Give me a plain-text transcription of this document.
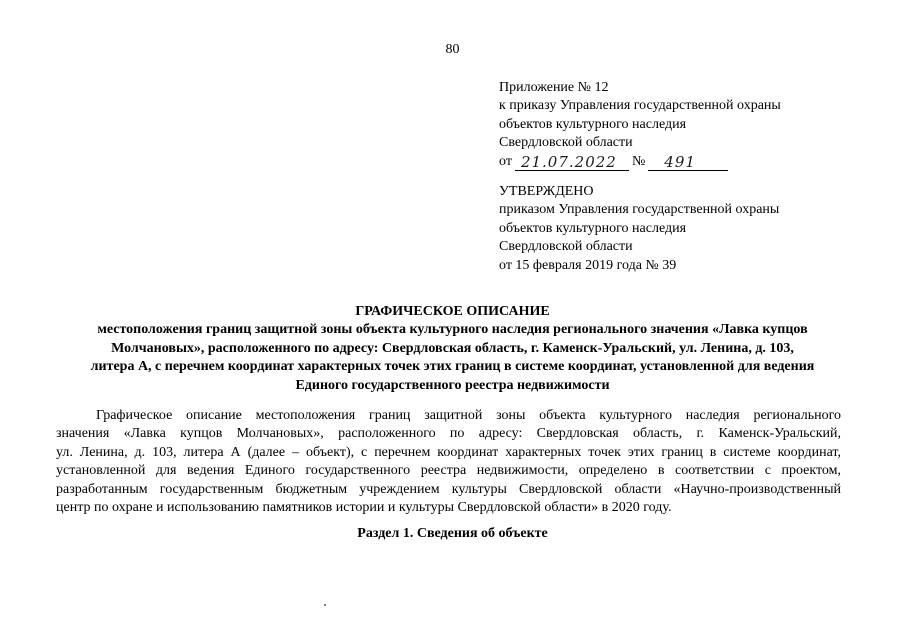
80
Приложение № 12
к приказу Управления государственной охраны
объектов культурного наследия
Свердловской области
от 21.07.2022 № 491
УТВЕРЖДЕНО
приказом Управления государственной охраны
объектов культурного наследия
Свердловской области
от 15 февраля 2019 года № 39
ГРАФИЧЕСКОЕ ОПИСАНИЕ
местоположения границ защитной зоны объекта культурного наследия регионального значения «Лавка купцов
Молчановых», расположенного по адресу: Свердловская область, г. Каменск-Уральский, ул. Ленина, д. 103,
литера А, с перечнем координат характерных точек этих границ в системе координат, установленной для ведения
Единого государственного реестра недвижимости
Графическое описание местоположения границ защитной зоны объекта культурного наследия регионального
значения «Лавка купцов Молчановых», расположенного по адресу: Свердловская область, г. Каменск-Уральский,
ул. Ленина, д. 103, литера А (далее – объект), с перечнем координат характерных точек этих границ в системе координат,
установленной для ведения Единого государственного реестра недвижимости, определено в соответствии с проектом,
разработанным государственным бюджетным учреждением культуры Свердловской области «Научно-производственный
центр по охране и использованию памятников истории и культуры Свердловской области» в 2020 году.
Раздел 1. Сведения об объекте
